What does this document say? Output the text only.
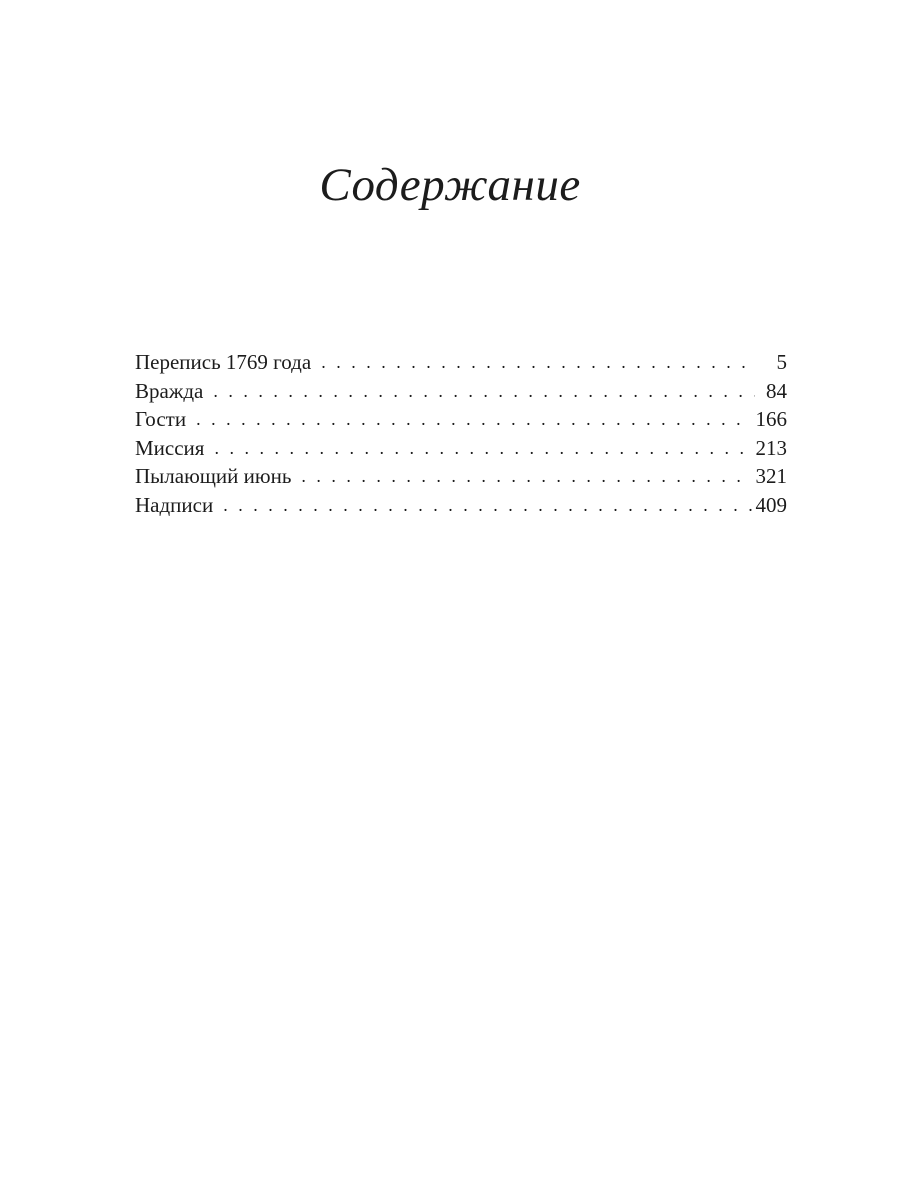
Содержание
Перепись 1769 года . . .	5
Вражда . . .	84
Гости . . .	166
Миссия . . .	213
Пылающий июнь . . .	321
Надписи . . .	409
